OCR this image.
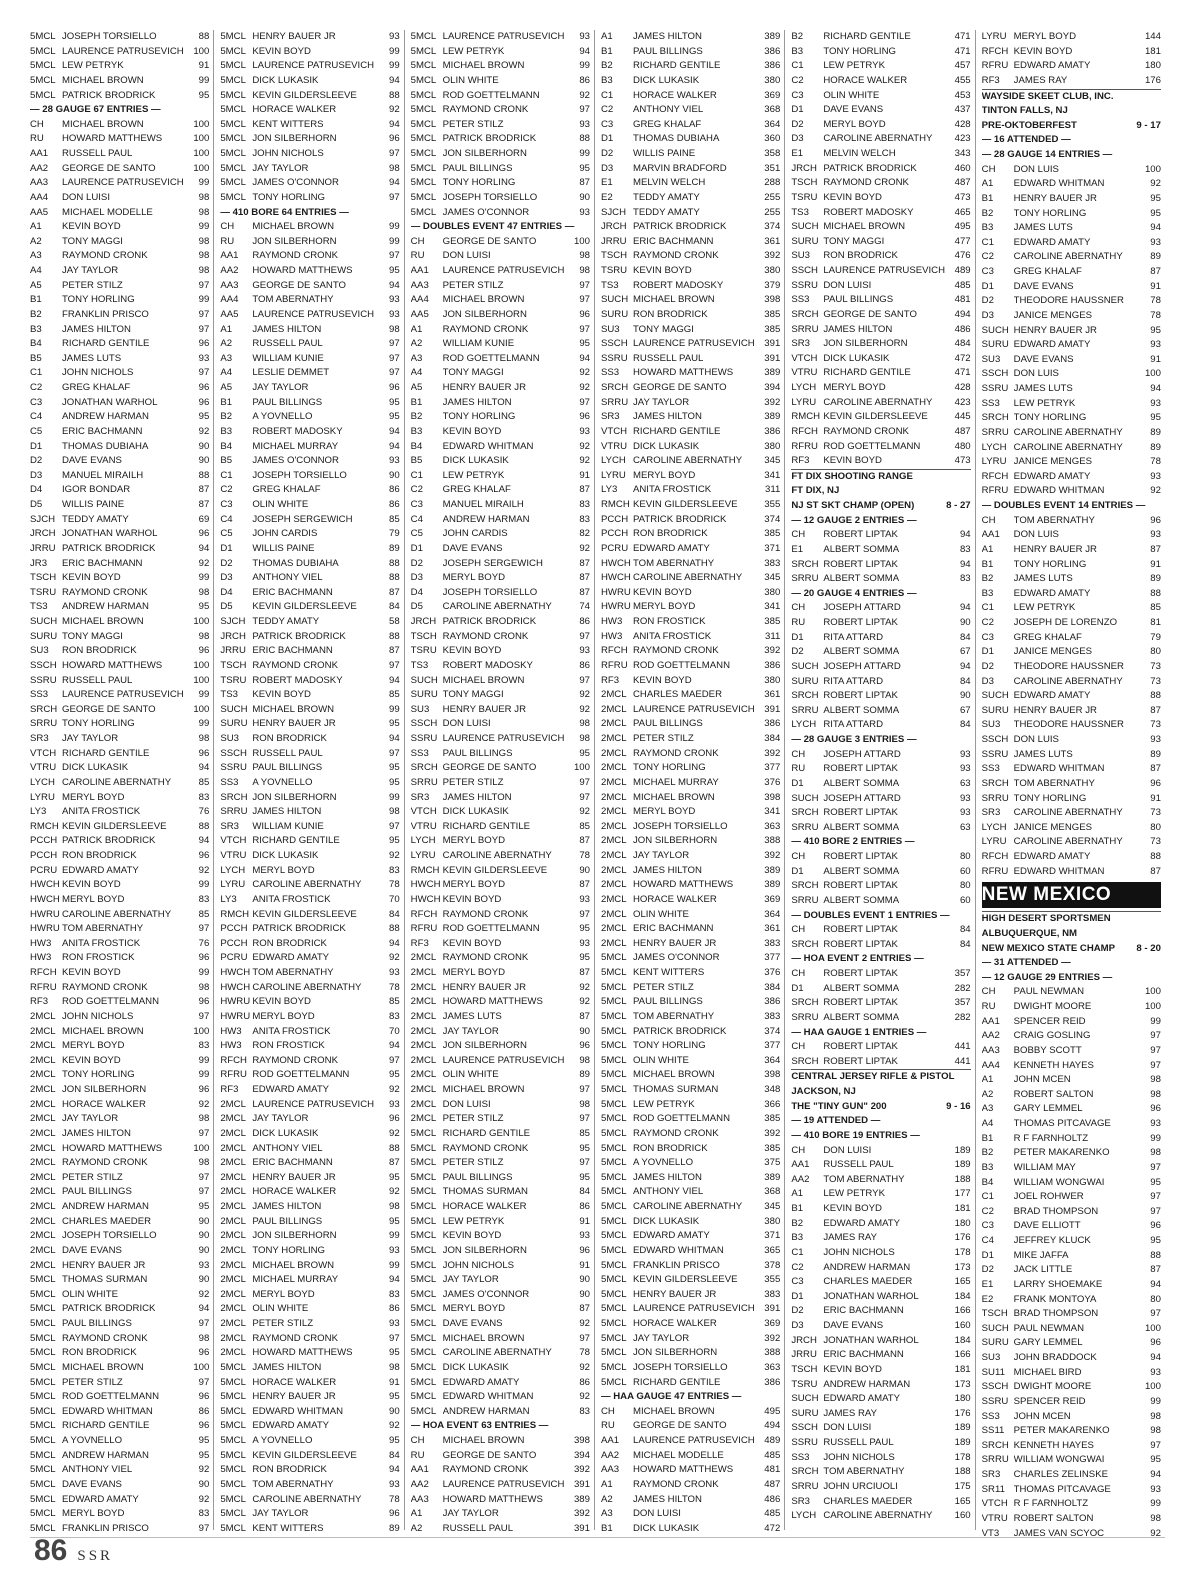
5MCL JOSEPH TORSIELLO	88
5MCL LAURENCE PATRUSEVICH 100
5MCL LEW PETRYK	91
5MCL MICHAEL BROWN	99
5MCL PATRICK BRODRICK	95
— 28 GAUGE 67 ENTRIES —
CH	MICHAEL BROWN	100
RU	HOWARD MATTHEWS	100
AA1	RUSSELL PAUL	100
AA2	GEORGE DE SANTO	100
AA3	LAURENCE PATRUSEVICH	99
AA4	DON LUISI	98
AA5	MICHAEL MODELLE	98
A1	KEVIN BOYD	99
A2	TONY MAGGI	98
A3	RAYMOND CRONK	98
A4	JAY TAYLOR	98
A5	PETER STILZ	97
B1	TONY HORLING	99
B2	FRANKLIN PRISCO	97
B3	JAMES HILTON	97
B4	RICHARD GENTILE	96
B5	JAMES LUTS	93
C1	JOHN NICHOLS	97
C2	GREG KHALAF	96
C3	JONATHAN WARHOL	96
C4	ANDREW HARMAN	95
C5	ERIC BACHMANN	92
D1	THOMAS DUBIAHA	90
D2	DAVE EVANS	90
D3	MANUEL MIRAILH	88
D4	IGOR BONDAR	87
D5	WILLIS PAINE	87
SJCH TEDDY AMATY	69
JRCH JONATHAN WARHOL	96
JRRU PATRICK BRODRICK	94
JR3	ERIC BACHMANN	92
TSCH KEVIN BOYD	99
TSRU RAYMOND CRONK	98
TS3	ANDREW HARMAN	95
SUCH MICHAEL BROWN	100
SURU TONY MAGGI	98
SU3	RON BRODRICK	96
SSCH HOWARD MATTHEWS	100
SSRU RUSSELL PAUL	100
SS3	LAURENCE PATRUSEVICH	99
SRCH GEORGE DE SANTO	100
SRRU TONY HORLING	99
SR3	JAY TAYLOR	98
VTCH RICHARD GENTILE	96
VTRU DICK LUKASIK	94
LYCH CAROLINE ABERNATHY	85
LYRU MERYL BOYD	83
LY3	ANITA FROSTICK	76
RMCH KEVIN GILDERSLEEVE	88
PCCH PATRICK BRODRICK	94
PCCH RON BRODRICK	96
PCRU EDWARD AMATY	92
HWCH KEVIN BOYD	99
HWCH MERYL BOYD	83
HWRU CAROLINE ABERNATHY	85
HWRU TOM ABERNATHY	97
HW3	ANITA FROSTICK	76
HW3	RON FROSTICK	96
RFCH KEVIN BOYD	99
RFRU RAYMOND CRONK	98
RF3	ROD GOETTELMANN	96
2MCL JOHN NICHOLS	97
2MCL MICHAEL BROWN	100
2MCL MERYL BOYD	83
2MCL KEVIN BOYD	99
2MCL TONY HORLING	99
2MCL JON SILBERHORN	96
2MCL HORACE WALKER	92
2MCL JAY TAYLOR	98
2MCL JAMES HILTON	97
2MCL HOWARD MATTHEWS	100
2MCL RAYMOND CRONK	98
2MCL PETER STILZ	97
2MCL PAUL BILLINGS	97
2MCL ANDREW HARMAN	95
2MCL CHARLES MAEDER	90
2MCL JOSEPH TORSIELLO	90
2MCL DAVE EVANS	90
2MCL HENRY BAUER JR	93
5MCL THOMAS SURMAN	90
5MCL OLIN WHITE	92
5MCL PATRICK BRODRICK	94
5MCL PAUL BILLINGS	97
5MCL RAYMOND CRONK	98
5MCL RON BRODRICK	96
5MCL MICHAEL BROWN	100
5MCL PETER STILZ	97
5MCL ROD GOETTELMANN	96
5MCL EDWARD WHITMAN	86
5MCL RICHARD GENTILE	96
5MCL A YOVNELLO	95
5MCL ANDREW HARMAN	95
5MCL ANTHONY VIEL	92
5MCL DAVE EVANS	90
5MCL EDWARD AMATY	92
5MCL MERYL BOYD	83
5MCL FRANKLIN PRISCO	97
5MCL HENRY BAUER JR	93
5MCL KEVIN BOYD	99
5MCL LAURENCE PATRUSEVICH	99
5MCL DICK LUKASIK	94
5MCL KEVIN GILDERSLEEVE	88
5MCL HORACE WALKER	92
5MCL KENT WITTERS	94
5MCL JON SILBERHORN	96
5MCL JOHN NICHOLS	97
5MCL JAY TAYLOR	98
5MCL JAMES O'CONNOR	94
5MCL TONY HORLING	97
— 410 BORE 64 ENTRIES —
CH	MICHAEL BROWN	99
RU	JON SILBERHORN	99
AA1	RAYMOND CRONK	97
AA2	HOWARD MATTHEWS	95
AA3	GEORGE DE SANTO	94
AA4	TOM ABERNATHY	93
AA5	LAURENCE PATRUSEVICH	93
A1	JAMES HILTON	98
A2	RUSSELL PAUL	97
A3	WILLIAM KUNIE	97
A4	LESLIE DEMMET	97
A5	JAY TAYLOR	96
B1	PAUL BILLINGS	95
B2	A YOVNELLO	95
B3	ROBERT MADOSKY	94
B4	MICHAEL MURRAY	94
B5	JAMES O'CONNOR	93
C1	JOSEPH TORSIELLO	90
C2	GREG KHALAF	86
C3	OLIN WHITE	86
C4	JOSEPH SERGEWICH	85
C5	JOHN CARDIS	79
D1	WILLIS PAINE	89
D2	THOMAS DUBIAHA	88
D3	ANTHONY VIEL	88
D4	ERIC BACHMANN	87
D5	KEVIN GILDERSLEEVE	84
SJCH TEDDY AMATY	58
JRCH PATRICK BRODRICK	88
JRRU ERIC BACHMANN	87
TSCH RAYMOND CRONK	97
TSRU ROBERT MADOSKY	94
TS3	KEVIN BOYD	85
SUCH MICHAEL BROWN	99
SURU HENRY BAUER JR	95
SU3	RON BRODRICK	94
SSCH RUSSELL PAUL	97
SSRU PAUL BILLINGS	95
SS3	A YOVNELLO	95
SRCH JON SILBERHORN	99
SRRU JAMES HILTON	98
SR3	WILLIAM KUNIE	97
VTCH RICHARD GENTILE	95
VTRU DICK LUKASIK	92
LYCH MERYL BOYD	83
LYRU CAROLINE ABERNATHY	78
LY3	ANITA FROSTICK	70
RMCH KEVIN GILDERSLEEVE	84
PCCH PATRICK BRODRICK	88
PCCH RON BRODRICK	94
PCRU EDWARD AMATY	92
HWCH TOM ABERNATHY	93
HWCH CAROLINE ABERNATHY	78
HWRU KEVIN BOYD	85
HWRU MERYL BOYD	83
HW3	ANITA FROSTICK	70
HW3	RON FROSTICK	94
RFCH RAYMOND CRONK	97
RFRU ROD GOETTELMANN	95
RF3	EDWARD AMATY	92
2MCL LAURENCE PATRUSEVICH	93
2MCL JAY TAYLOR	96
2MCL DICK LUKASIK	92
2MCL ANTHONY VIEL	88
2MCL ERIC BACHMANN	87
2MCL HENRY BAUER JR	95
2MCL HORACE WALKER	92
2MCL JAMES HILTON	98
2MCL PAUL BILLINGS	95
2MCL JON SILBERHORN	99
2MCL TONY HORLING	93
2MCL MICHAEL BROWN	99
2MCL MICHAEL MURRAY	94
2MCL MERYL BOYD	83
2MCL OLIN WHITE	86
2MCL PETER STILZ	93
2MCL RAYMOND CRONK	97
2MCL HOWARD MATTHEWS	95
5MCL JAMES HILTON	98
5MCL HORACE WALKER	91
5MCL HENRY BAUER JR	95
5MCL EDWARD WHITMAN	90
5MCL EDWARD AMATY	92
5MCL A YOVNELLO	95
5MCL KEVIN GILDERSLEEVE	84
5MCL RON BRODRICK	94
5MCL TOM ABERNATHY	93
5MCL CAROLINE ABERNATHY	78
5MCL JAY TAYLOR	96
5MCL KENT WITTERS	89
5MCL LAURENCE PATRUSEVICH	93
5MCL LEW PETRYK	94
5MCL MICHAEL BROWN	99
5MCL OLIN WHITE	86
5MCL ROD GOETTELMANN	92
5MCL RAYMOND CRONK	97
5MCL PETER STILZ	93
5MCL PATRICK BRODRICK	88
5MCL JON SILBERHORN	99
5MCL PAUL BILLINGS	95
5MCL TONY HORLING	87
5MCL JOSEPH TORSIELLO	90
5MCL JAMES O'CONNOR	93
— DOUBLES EVENT 47 ENTRIES —
CH	GEORGE DE SANTO	100
RU	DON LUISI	98
AA1	LAURENCE PATRUSEVICH	98
AA3	PETER STILZ	97
AA4	MICHAEL BROWN	97
AA5	JON SILBERHORN	96
A1	RAYMOND CRONK	97
A2	WILLIAM KUNIE	95
A3	ROD GOETTELMANN	94
A4	TONY MAGGI	92
A5	HENRY BAUER JR	92
B1	JAMES HILTON	97
B2	TONY HORLING	96
B3	KEVIN BOYD	93
B4	EDWARD WHITMAN	92
B5	DICK LUKASIK	92
C1	LEW PETRYK	91
C2	GREG KHALAF	87
C3	MANUEL MIRAILH	83
C4	ANDREW HARMAN	83
C5	JOHN CARDIS	82
D1	DAVE EVANS	92
D2	JOSEPH SERGEWICH	87
D3	MERYL BOYD	87
D4	JOSEPH TORSIELLO	87
D5	CAROLINE ABERNATHY	74
JRCH PATRICK BRODRICK	86
TSCH RAYMOND CRONK	97
TSRU KEVIN BOYD	93
TS3	ROBERT MADOSKY	86
SUCH MICHAEL BROWN	97
SURU TONY MAGGI	92
SU3	HENRY BAUER JR	92
SSCH DON LUISI	98
SSRU LAURENCE PATRUSEVICH	98
SS3	PAUL BILLINGS	95
SRCH GEORGE DE SANTO	100
SRRU PETER STILZ	97
SR3	JAMES HILTON	97
VTCH DICK LUKASIK	92
VTRU RICHARD GENTILE	85
LYCH MERYL BOYD	87
LYRU CAROLINE ABERNATHY	78
RMCH KEVIN GILDERSLEEVE	90
HWCH MERYL BOYD	87
HWCH KEVIN BOYD	93
RFCH RAYMOND CRONK	97
RFRU ROD GOETTELMANN	95
RF3	KEVIN BOYD	93
2MCL RAYMOND CRONK	95
2MCL MERYL BOYD	87
2MCL HENRY BAUER JR	92
2MCL HOWARD MATTHEWS	92
2MCL JAMES LUTS	87
2MCL JAY TAYLOR	90
2MCL JON SILBERHORN	96
2MCL LAURENCE PATRUSEVICH	98
2MCL OLIN WHITE	89
2MCL MICHAEL BROWN	97
2MCL DON LUISI	98
2MCL PETER STILZ	97
5MCL RICHARD GENTILE	85
5MCL RAYMOND CRONK	95
5MCL PETER STILZ	97
5MCL PAUL BILLINGS	95
5MCL THOMAS SURMAN	84
5MCL HORACE WALKER	86
5MCL LEW PETRYK	91
5MCL KEVIN BOYD	93
5MCL JON SILBERHORN	96
5MCL JOHN NICHOLS	91
5MCL JAY TAYLOR	90
5MCL JAMES O'CONNOR	90
5MCL MERYL BOYD	87
5MCL DAVE EVANS	92
5MCL MICHAEL BROWN	97
5MCL CAROLINE ABERNATHY	78
5MCL DICK LUKASIK	92
5MCL EDWARD AMATY	86
5MCL EDWARD WHITMAN	92
5MCL ANDREW HARMAN	83
— HOA EVENT 63 ENTRIES —
CH	MICHAEL BROWN	398
RU	GEORGE DE SANTO	394
AA1	RAYMOND CRONK	392
AA2	LAURENCE PATRUSEVICH 391
AA3	HOWARD MATTHEWS	389
A1	JAY TAYLOR	392
A2	RUSSELL PAUL	391
A1	JAMES HILTON	389
B1	PAUL BILLINGS	386
B2	RICHARD GENTILE	386
B3	DICK LUKASIK	380
C1	HORACE WALKER	369
C2	ANTHONY VIEL	368
C3	GREG KHALAF	364
D1	THOMAS DUBIAHA	360
D2	WILLIS PAINE	358
D3	MARVIN BRADFORD	351
E1	MELVIN WELCH	288
E2	TEDDY AMATY	255
SJCH TEDDY AMATY	255
JRCH PATRICK BRODRICK	374
JRRU ERIC BACHMANN	361
TSCH RAYMOND CRONK	392
TSRU KEVIN BOYD	380
TS3	ROBERT MADOSKY	379
SUCH MICHAEL BROWN	398
SURU RON BRODRICK	385
SU3	TONY MAGGI	385
SSCH LAURENCE PATRUSEVICH 391
SSRU RUSSELL PAUL	391
SS3	HOWARD MATTHEWS	389
SRCH GEORGE DE SANTO	394
SRRU JAY TAYLOR	392
SR3	JAMES HILTON	389
VTCH RICHARD GENTILE	386
VTRU DICK LUKASIK	380
LYCH CAROLINE ABERNATHY	345
LYRU MERYL BOYD	341
LY3	ANITA FROSTICK	311
RMCH KEVIN GILDERSLEEVE	355
PCCH PATRICK BRODRICK	374
PCCH RON BRODRICK	385
PCRU EDWARD AMATY	371
HWCH TOM ABERNATHY	383
HWCH CAROLINE ABERNATHY	345
HWRU KEVIN BOYD	380
HWRU MERYL BOYD	341
HW3	RON FROSTICK	385
HW3	ANITA FROSTICK	311
RFCH RAYMOND CRONK	392
RFRU ROD GOETTELMANN	386
RF3	KEVIN BOYD	380
2MCL CHARLES MAEDER	361
2MCL LAURENCE PATRUSEVICH 391
2MCL PAUL BILLINGS	386
2MCL PETER STILZ	384
2MCL RAYMOND CRONK	392
2MCL TONY HORLING	377
2MCL MICHAEL MURRAY	376
2MCL MICHAEL BROWN	398
2MCL MERYL BOYD	341
2MCL JOSEPH TORSIELLO	363
2MCL JON SILBERHORN	388
2MCL JAY TAYLOR	392
2MCL JAMES HILTON	389
2MCL HOWARD MATTHEWS	389
2MCL HORACE WALKER	369
2MCL OLIN WHITE	364
2MCL ERIC BACHMANN	361
2MCL HENRY BAUER JR	383
5MCL JAMES O'CONNOR	377
5MCL KENT WITTERS	376
5MCL PETER STILZ	384
5MCL PAUL BILLINGS	386
5MCL TOM ABERNATHY	383
5MCL PATRICK BRODRICK	374
5MCL TONY HORLING	377
5MCL OLIN WHITE	364
5MCL MICHAEL BROWN	398
5MCL THOMAS SURMAN	348
5MCL LEW PETRYK	366
5MCL ROD GOETTELMANN	385
5MCL RAYMOND CRONK	392
5MCL RON BRODRICK	385
5MCL A YOVNELLO	375
5MCL JAMES HILTON	389
5MCL ANTHONY VIEL	368
5MCL CAROLINE ABERNATHY	345
5MCL DICK LUKASIK	380
5MCL EDWARD AMATY	371
5MCL EDWARD WHITMAN	365
5MCL FRANKLIN PRISCO	378
5MCL KEVIN GILDERSLEEVE	355
5MCL HENRY BAUER JR	383
5MCL LAURENCE PATRUSEVICH 391
5MCL HORACE WALKER	369
5MCL JAY TAYLOR	392
5MCL JON SILBERHORN	388
5MCL JOSEPH TORSIELLO	363
5MCL RICHARD GENTILE	386
— HAA GAUGE 47 ENTRIES —
CH	MICHAEL BROWN	495
RU	GEORGE DE SANTO	494
AA1	LAURENCE PATRUSEVICH 489
AA2	MICHAEL MODELLE	485
AA3	HOWARD MATTHEWS	481
A1	RAYMOND CRONK	487
A2	JAMES HILTON	486
A3	DON LUISI	485
B1	DICK LUKASIK	472
B2	RICHARD GENTILE	471
B3	TONY HORLING	471
C1	LEW PETRYK	457
C2	HORACE WALKER	455
C3	OLIN WHITE	453
D1	DAVE EVANS	437
D2	MERYL BOYD	428
D3	CAROLINE ABERNATHY	423
E1	MELVIN WELCH	343
JRCH PATRICK BRODRICK	460
TSCH RAYMOND CRONK	487
TSRU KEVIN BOYD	473
TS3	ROBERT MADOSKY	465
SUCH MICHAEL BROWN	495
SURU TONY MAGGI	477
SU3	RON BRODRICK	476
SSCH LAURENCE PATRUSEVICH 489
SSRU DON LUISI	485
SS3	PAUL BILLINGS	481
SRCH GEORGE DE SANTO	494
SRRU JAMES HILTON	486
SR3	JON SILBERHORN	484
VTCH DICK LUKASIK	472
VTRU RICHARD GENTILE	471
LYCH MERYL BOYD	428
LYRU CAROLINE ABERNATHY	423
RMCH KEVIN GILDERSLEEVE	445
RFCH RAYMOND CRONK	487
RFRU ROD GOETTELMANN	480
RF3	KEVIN BOYD	473
FT DIX SHOOTING RANGE
FT DIX, NJ
NJ ST SKT CHAMP (OPEN)	8 - 27
— 12 GAUGE 2 ENTRIES —
CH	ROBERT LIPTAK	94
E1	ALBERT SOMMA	83
SRCH ROBERT LIPTAK	94
SRRU ALBERT SOMMA	83
— 20 GAUGE 4 ENTRIES —
CH	JOSEPH ATTARD	94
RU	ROBERT LIPTAK	90
D1	RITA ATTARD	84
D2	ALBERT SOMMA	67
SUCH JOSEPH ATTARD	94
SURU RITA ATTARD	84
SRCH ROBERT LIPTAK	90
SRRU ALBERT SOMMA	67
LYCH RITA ATTARD	84
— 28 GAUGE 3 ENTRIES —
CH	JOSEPH ATTARD	93
RU	ROBERT LIPTAK	93
D1	ALBERT SOMMA	63
SUCH JOSEPH ATTARD	93
SRCH ROBERT LIPTAK	93
SRRU ALBERT SOMMA	63
— 410 BORE 2 ENTRIES —
CH	ROBERT LIPTAK	80
D1	ALBERT SOMMA	60
SRCH ROBERT LIPTAK	80
SRRU ALBERT SOMMA	60
— DOUBLES EVENT 1 ENTRIES —
CH	ROBERT LIPTAK	84
SRCH ROBERT LIPTAK	84
— HOA EVENT 2 ENTRIES —
CH	ROBERT LIPTAK	357
D1	ALBERT SOMMA	282
SRCH ROBERT LIPTAK	357
SRRU ALBERT SOMMA	282
— HAA GAUGE 1 ENTRIES —
CH	ROBERT LIPTAK	441
SRCH ROBERT LIPTAK	441
CENTRAL JERSEY RIFLE & PISTOL
JACKSON, NJ
THE "TINY GUN" 200	9 - 16
— 19 ATTENDED —
— 410 BORE 19 ENTRIES —
CH	DON LUISI	189
AA1	RUSSELL PAUL	189
AA2	TOM ABERNATHY	188
A1	LEW PETRYK	177
B1	KEVIN BOYD	181
B2	EDWARD AMATY	180
B3	JAMES RAY	176
C1	JOHN NICHOLS	178
C2	ANDREW HARMAN	173
C3	CHARLES MAEDER	165
D1	JONATHAN WARHOL	184
D2	ERIC BACHMANN	166
D3	DAVE EVANS	160
JRCH JONATHAN WARHOL	184
JRRU ERIC BACHMANN	166
TSCH KEVIN BOYD	181
TSRU ANDREW HARMAN	173
SUCH EDWARD AMATY	180
SURU JAMES RAY	176
SSCH DON LUISI	189
SSRU RUSSELL PAUL	189
SS3	JOHN NICHOLS	178
SRCH TOM ABERNATHY	188
SRRU JOHN URCIUOLI	175
SR3	CHARLES MAEDER	165
LYCH CAROLINE ABERNATHY	160
LYRU MERYL BOYD	144
RFCH KEVIN BOYD	181
RFRU EDWARD AMATY	180
RF3	JAMES RAY	176
WAYSIDE SKEET CLUB, INC.
TINTON FALLS, NJ
PRE-OKTOBERFEST	9 - 17
— 16 ATTENDED —
— 28 GAUGE 14 ENTRIES —
CH	DON LUIS	100
A1	EDWARD WHITMAN	92
B1	HENRY BAUER JR	95
B2	TONY HORLING	95
B3	JAMES LUTS	94
C1	EDWARD AMATY	93
C2	CAROLINE ABERNATHY	89
C3	GREG KHALAF	87
D1	DAVE EVANS	91
D2	THEODORE HAUSSNER	78
D3	JANICE MENGES	78
SUCH HENRY BAUER JR	95
SURU EDWARD AMATY	93
SU3	DAVE EVANS	91
SSCH DON LUIS	100
SSRU JAMES LUTS	94
SS3	LEW PETRYK	93
SRCH TONY HORLING	95
SRRU CAROLINE ABERNATHY	89
LYCH CAROLINE ABERNATHY	89
LYRU JANICE MENGES	78
RFCH EDWARD AMATY	93
RFRU EDWARD WHITMAN	92
— DOUBLES EVENT 14 ENTRIES —
CH	TOM ABERNATHY	96
AA1	DON LUIS	93
A1	HENRY BAUER JR	87
B1	TONY HORLING	91
B2	JAMES LUTS	89
B3	EDWARD AMATY	88
C1	LEW PETRYK	85
C2	JOSEPH DE LORENZO	81
C3	GREG KHALAF	79
D1	JANICE MENGES	80
D2	THEODORE HAUSSNER	73
D3	CAROLINE ABERNATHY	73
SUCH EDWARD AMATY	88
SURU HENRY BAUER JR	87
SU3	THEODORE HAUSSNER	73
SSCH DON LUIS	93
SSRU JAMES LUTS	89
SS3	EDWARD WHITMAN	87
SRCH TOM ABERNATHY	96
SRRU TONY HORLING	91
SR3	CAROLINE ABERNATHY	73
LYCH JANICE MENGES	80
LYRU CAROLINE ABERNATHY	73
RFCH EDWARD AMATY	88
RFRU EDWARD WHITMAN	87
NEW MEXICO
HIGH DESERT SPORTSMEN
ALBUQUERQUE, NM
NEW MEXICO STATE CHAMP	8 - 20
— 31 ATTENDED —
— 12 GAUGE 29 ENTRIES —
CH	PAUL NEWMAN	100
RU	DWIGHT MOORE	100
AA1	SPENCER REID	99
AA2	CRAIG GOSLING	97
AA3	BOBBY SCOTT	97
AA4	KENNETH HAYES	97
A1	JOHN MCEN	98
A2	ROBERT SALTON	98
A3	GARY LEMMEL	96
A4	THOMAS PITCAVAGE	93
B1	R F FARNHOLTZ	99
B2	PETER MAKARENKO	98
B3	WILLIAM MAY	97
B4	WILLIAM WONGWAI	95
C1	JOEL ROHWER	97
C2	BRAD THOMPSON	97
C3	DAVE ELLIOTT	96
C4	JEFFREY KLUCK	95
D1	MIKE JAFFA	88
D2	JACK LITTLE	87
E1	LARRY SHOEMAKE	94
E2	FRANK MONTOYA	80
TSCH BRAD THOMPSON	97
SUCH PAUL NEWMAN	100
SURU GARY LEMMEL	96
SU3	JOHN BRADDOCK	94
SU11 MICHAEL BIRD	93
SSCH DWIGHT MOORE	100
SSRU SPENCER REID	99
SS3	JOHN MCEN	98
SS11 PETER MAKARENKO	98
SRCH KENNETH HAYES	97
SRRU WILLIAM WONGWAI	95
SR3	CHARLES ZELINSKE	94
SR11 THOMAS PITCAVAGE	93
VTCH R F FARNHOLTZ	99
VTRU ROBERT SALTON	98
VT3	JAMES VAN SCYOC	92
86 SSR
